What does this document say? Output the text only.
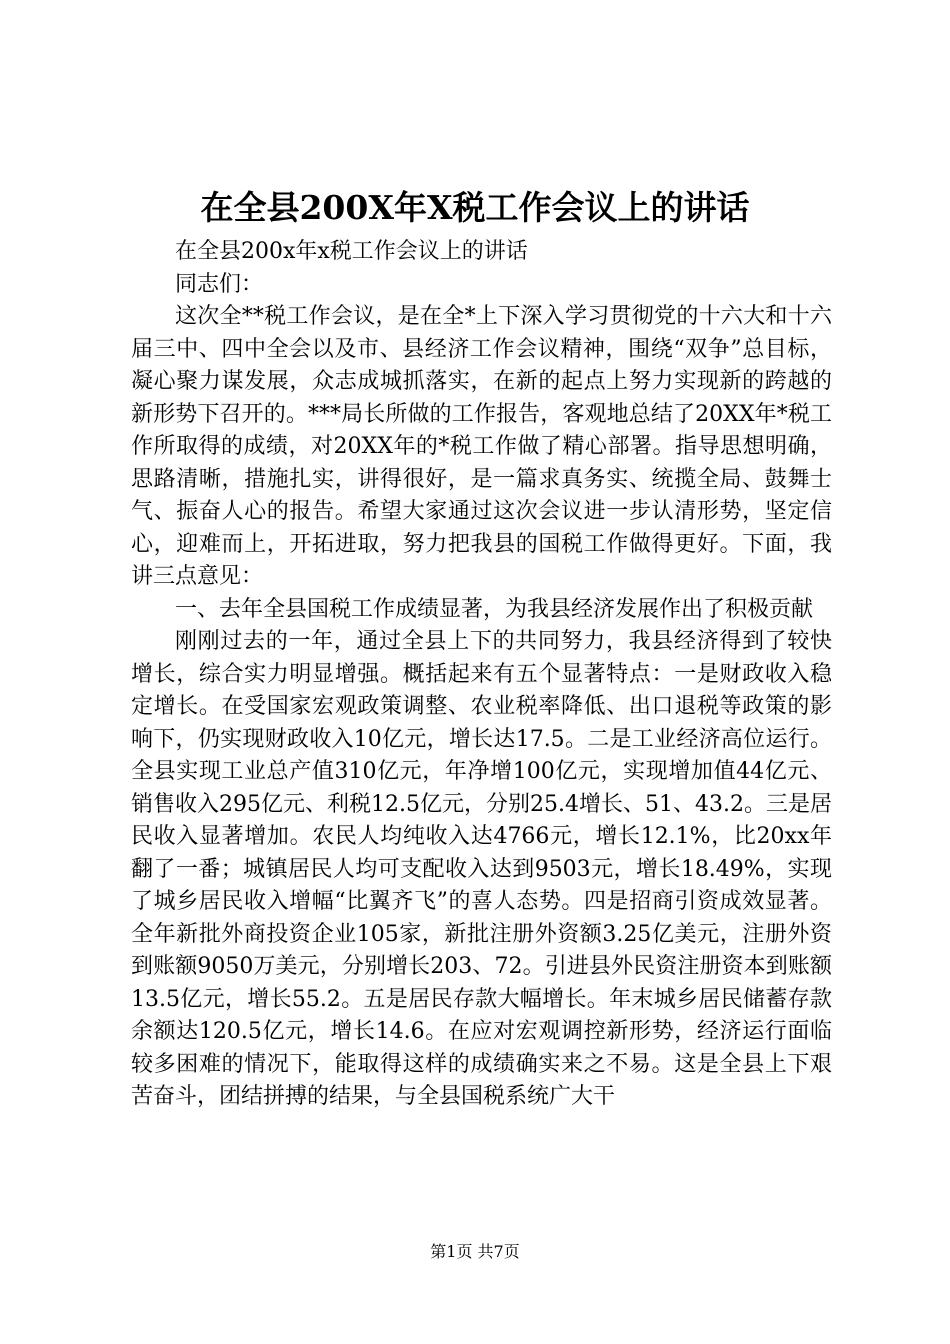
在全县200X年X税工作会议上的讲话

在全县200x年x税工作会议上的讲话

同志们：

这次全**税工作会议，是在全*上下深入学习贯彻党的十六大和十六届三中、四中全会以及市、县经济工作会议精神，围绕“双争”总目标，凝心聚力谋发展，众志成城抓落实，在新的起点上努力实现新的跨越的新形势下召开的。***局长所做的工作报告，客观地总结了20XX年*税工作所取得的成绩，对20XX年的*税工作做了精心部署。指导思想明确，思路清晰，措施扎实，讲得很好，是一篇求真务实、统揽全局、鼓舞士气、振奋人心的报告。希望大家通过这次会议进一步认清形势，坚定信心，迎难而上，开拓进取，努力把我县的国税工作做得更好。下面，我讲三点意见：

一、去年全县国税工作成绩显著，为我县经济发展作出了积极贡献

刚刚过去的一年，通过全县上下的共同努力，我县经济得到了较快增长，综合实力明显增强。概括起来有五个显著特点：一是财政收入稳定增长。在受国家宏观政策调整、农业税率降低、出口退税等政策的影响下，仍实现财政收入10亿元，增长达17.5。二是工业经济高位运行。全县实现工业总产值310亿元，年净增100亿元，实现增加值44亿元、销售收入295亿元、利税12.5亿元，分别25.4增长、51、43.2。三是居民收入显著增加。农民人均纯收入达4766元，增长12.1%，比20xx年翻了一番；城镇居民人均可支配收入达到9503元，增长18.49%，实现了城乡居民收入增幅“比翼齐飞”的喜人态势。四是招商引资成效显著。全年新批外商投资企业105家，新批注册外资额3.25亿美元，注册外资到账额9050万美元，分别增长203、72。引进县外民资注册资本到账额13.5亿元，增长55.2。五是居民存款大幅增长。年末城乡居民储蓄存款余额达120.5亿元，增长14.6。在应对宏观调控新形势，经济运行面临较多困难的情况下，能取得这样的成绩确实来之不易。这是全县上下艰苦奋斗，团结拼搏的结果，与全县国税系统广大干

第1页 共7页
